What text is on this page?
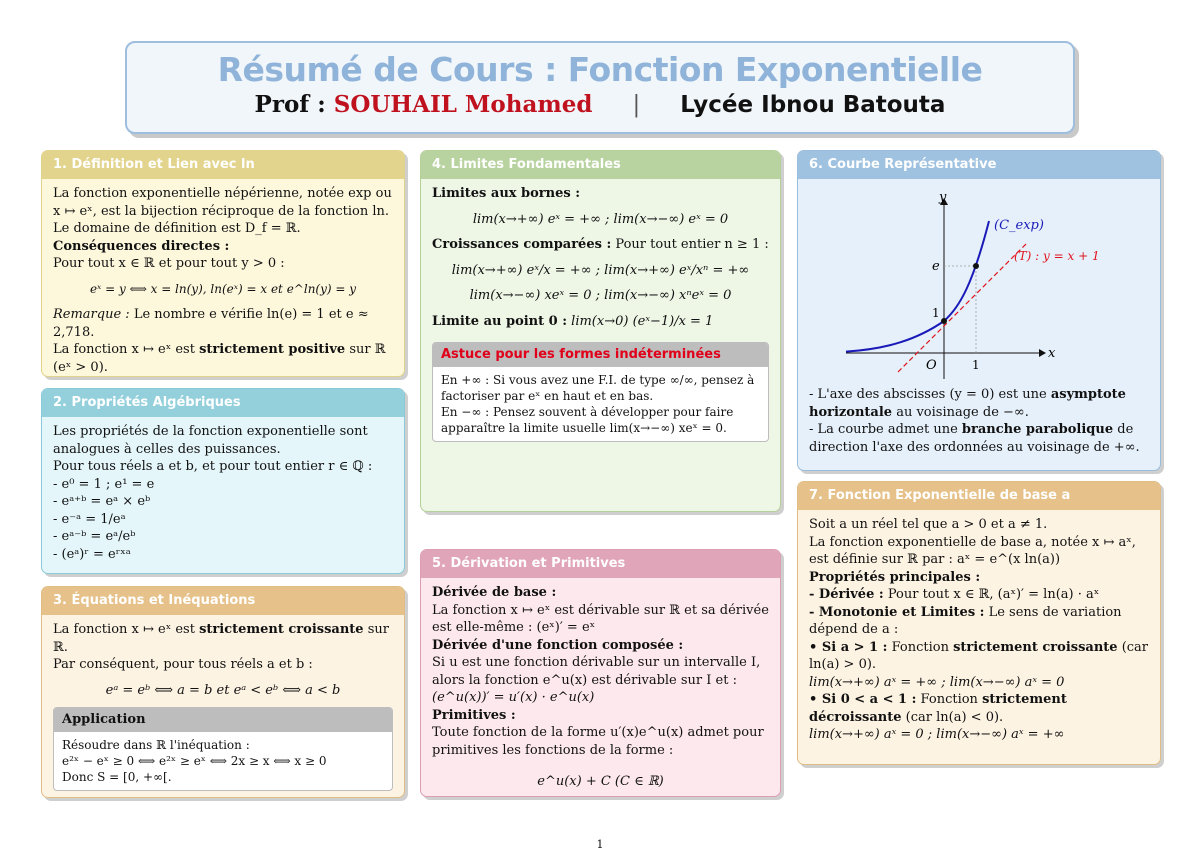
Résumé de Cours : Fonction Exponentielle
Prof : SOUHAIL Mohamed | Lycée Ibnou Batouta
1. Définition et Lien avec ln

La fonction exponentielle népérienne, notée exp ou x ↦ eˣ, est la bijection réciproque de la fonction ln.

Le domaine de définition est D_f = ℝ.

Conséquences directes :

Pour tout x ∈ ℝ et pour tout y > 0 :

eˣ = y ⟺ x = ln(y), ln(eˣ) = x et e^ln(y) = y

Remarque : Le nombre e vérifie ln(e) = 1 et e ≈ 2,718.

La fonction x ↦ eˣ est strictement positive sur ℝ (eˣ > 0).

2. Propriétés Algébriques

Les propriétés de la fonction exponentielle sont analogues à celles des puissances.

Pour tous réels a et b, et pour tout entier r ∈ ℚ :

- e⁰ = 1 ; e¹ = e

- eᵃ⁺ᵇ = eᵃ × eᵇ

- e⁻ᵃ = 1/eᵃ

- eᵃ⁻ᵇ = eᵃ/eᵇ

- (eᵃ)ʳ = eʳˣᵃ

3. Équations et Inéquations

La fonction x ↦ eˣ est strictement croissante sur ℝ.

Par conséquent, pour tous réels a et b :

eᵃ = eᵇ ⟺ a = b et eᵃ < eᵇ ⟺ a < b

Application

Résoudre dans ℝ l'inéquation :

e²ˣ − eˣ ≥ 0 ⟺ e²ˣ ≥ eˣ ⟺ 2x ≥ x ⟺ x ≥ 0

Donc S = [0, +∞[.

4. Limites Fondamentales

Limites aux bornes :

lim(x→+∞) eˣ = +∞ ; lim(x→−∞) eˣ = 0

Croissances comparées : Pour tout entier n ≥ 1 :

lim(x→+∞) eˣ/x = +∞ ; lim(x→+∞) eˣ/xⁿ = +∞

lim(x→−∞) xeˣ = 0 ; lim(x→−∞) xⁿeˣ = 0

Limite au point 0 : lim(x→0) (eˣ−1)/x = 1

Astuce pour les formes indéterminées

En +∞ : Si vous avez une F.I. de type ∞/∞, pensez à factoriser par eˣ en haut et en bas.

En −∞ : Pensez souvent à développer pour faire apparaître la limite usuelle lim(x→−∞) xeˣ = 0.

5. Dérivation et Primitives

Dérivée de base :

La fonction x ↦ eˣ est dérivable sur ℝ et sa dérivée est elle-même : (eˣ)′ = eˣ

Dérivée d'une fonction composée :

Si u est une fonction dérivable sur un intervalle I, alors la fonction e^u(x) est dérivable sur I et :

(e^u(x))′ = u′(x) · e^u(x)

Primitives :

Toute fonction de la forme u′(x)e^u(x) admet pour primitives les fonctions de la forme :

e^u(x) + C (C ∈ ℝ)

6. Courbe Représentative
y
x
O	1
1
e
(C_exp)
(T) : y = x + 1

- L'axe des abscisses (y = 0) est une asymptote horizontale au voisinage de −∞.

- La courbe admet une branche parabolique de direction l'axe des ordonnées au voisinage de +∞.

7. Fonction Exponentielle de base a

Soit a un réel tel que a > 0 et a ≠ 1.

La fonction exponentielle de base a, notée x ↦ aˣ, est définie sur ℝ par : aˣ = e^(x ln(a))

Propriétés principales :

- Dérivée : Pour tout x ∈ ℝ, (aˣ)′ = ln(a) · aˣ

- Monotonie et Limites : Le sens de variation dépend de a :

• Si a > 1 : Fonction strictement croissante (car ln(a) > 0).

lim(x→+∞) aˣ = +∞ ; lim(x→−∞) aˣ = 0

• Si 0 < a < 1 : Fonction strictement décroissante (car ln(a) < 0).

lim(x→+∞) aˣ = 0 ; lim(x→−∞) aˣ = +∞

1
